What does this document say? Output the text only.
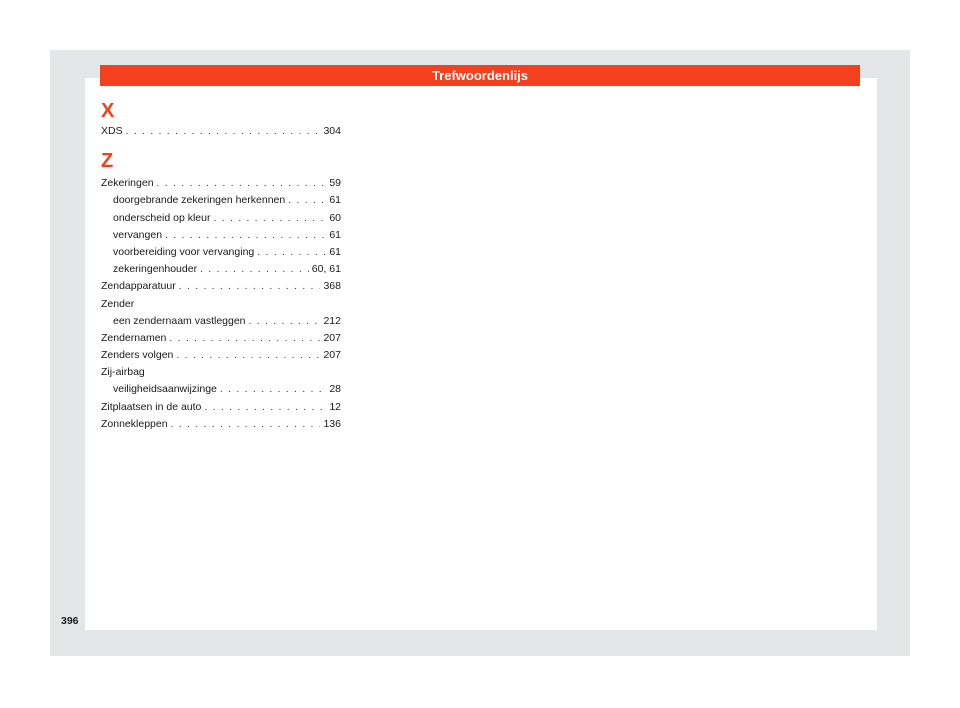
Trefwoordenlijs
X
XDS . . .	304
Z
Zekeringen . . .	59
doorgebrande zekeringen herkennen . . .	61
onderscheid op kleur . . .	60
vervangen . . .	61
voorbereiding voor vervanging . . .	61
zekeringenhouder . . .	60, 61
Zendapparatuur . . .	368
Zender
een zendernaam vastleggen . . .	212
Zendernamen . . .	207
Zenders volgen . . .	207
Zij-airbag
veiligheidsaanwijzinge . . .	28
Zitplaatsen in de auto . . .	12
Zonnekleppen . . .	136
396
